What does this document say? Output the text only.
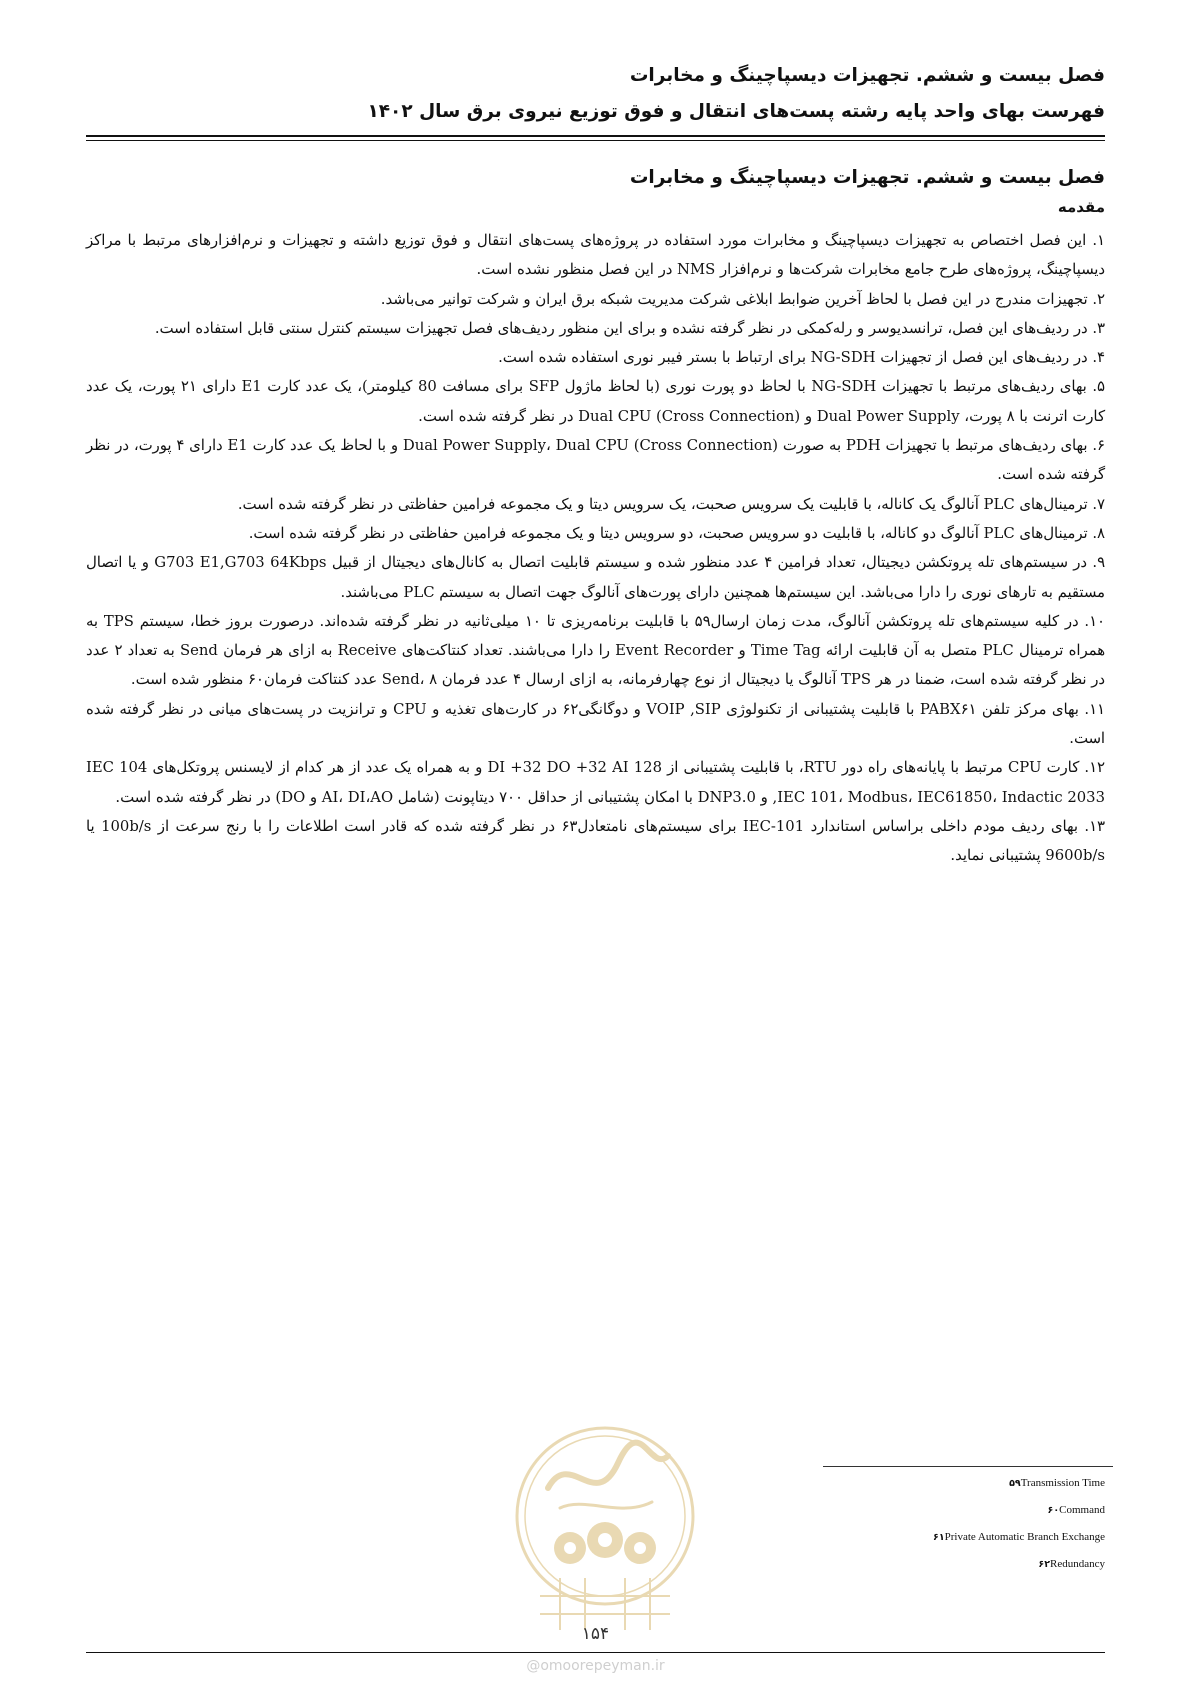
فصل بیست و ششم. تجهیزات دیسپاچینگ و مخابرات
فهرست بهای واحد پایه رشته پست‌های انتقال و فوق توزیع نیروی برق سال ۱۴۰۲
فصل بیست و ششم. تجهیزات دیسپاچینگ و مخابرات
مقدمه

۱. این فصل اختصاص به تجهیزات دیسپاچینگ و مخابرات مورد استفاده در پروژه‌های پست‌های انتقال و فوق توزیع داشته و تجهیزات و نرم‌افزارهای مرتبط با مراکز دیسپاچینگ، پروژه‌های طرح جامع مخابرات شرکت‌ها و نرم‌افزار NMS در این فصل منظور نشده است.

۲. تجهیزات مندرج در این فصل با لحاظ آخرین ضوابط ابلاغی شرکت مدیریت شبکه برق ایران و شرکت توانیر می‌باشد.

۳. در ردیف‌های این فصل، ترانسدیوسر و رله‌کمکی در نظر گرفته نشده و برای این منظور ردیف‌های فصل تجهیزات سیستم کنترل سنتی قابل استفاده است.

۴. در ردیف‌های این فصل از تجهیزات NG-SDH برای ارتباط با بستر فیبر نوری استفاده شده است.

۵. بهای ردیف‌های مرتبط با تجهیزات NG-SDH با لحاظ دو پورت نوری (با لحاظ ماژول SFP برای مسافت 80 کیلومتر)، یک عدد کارت E1 دارای ۲۱ پورت، یک عدد کارت اترنت با ۸ پورت، Dual Power Supply و Dual CPU (Cross Connection) در نظر گرفته شده است.

۶. بهای ردیف‌های مرتبط با تجهیزات PDH به صورت Dual Power Supply، Dual CPU (Cross Connection) و با لحاظ یک عدد کارت E1 دارای ۴ پورت، در نظر گرفته شده است.

۷. ترمینال‌های PLC آنالوگ یک کاناله، با قابلیت یک سرویس صحبت، یک سرویس دیتا و یک مجموعه فرامین حفاظتی در نظر گرفته شده است.

۸. ترمینال‌های PLC آنالوگ دو کاناله، با قابلیت دو سرویس صحبت، دو سرویس دیتا و یک مجموعه فرامین حفاظتی در نظر گرفته شده است.

۹. در سیستم‌های تله پروتکشن دیجیتال، تعداد فرامین ۴ عدد منظور شده و سیستم قابلیت اتصال به کانال‌های دیجیتال از قبیل G703 E1,G703 64Kbps و یا اتصال مستقیم به تارهای نوری را دارا می‌باشد. این سیستم‌ها همچنین دارای پورت‌های آنالوگ جهت اتصال به سیستم PLC می‌باشند.

۱۰. در کلیه سیستم‌های تله پروتکشن آنالوگ، مدت زمان ارسال۵۹ با قابلیت برنامه‌ریزی تا ۱۰ میلی‌ثانیه در نظر گرفته شده‌اند. درصورت بروز خطا، سیستم TPS به همراه ترمینال PLC متصل به آن قابلیت ارائه Time Tag و Event Recorder را دارا می‌باشند. تعداد کنتاکت‌های Receive به ازای هر فرمان Send به تعداد ۲ عدد در نظر گرفته شده است، ضمنا در هر TPS آنالوگ یا دیجیتال از نوع چهارفرمانه، به ازای ارسال ۴ عدد فرمان Send، ۸ عدد کنتاکت فرمان۶۰ منظور شده است.

۱۱. بهای مرکز تلفن PABX۶۱ با قابلیت پشتیبانی از تکنولوژی VOIP ,SIP و دوگانگی۶۲ در کارت‌های تغذیه و CPU و ترانزیت در پست‌های میانی در نظر گرفته شده است.

۱۲. کارت CPU مرتبط با پایانه‌های راه دور RTU، با قابلیت پشتیبانی از 128 DI +32 DO +32 AI و به همراه یک عدد از هر کدام از لایسنس پروتکل‌های IEC 104 ,IEC 101، Modbus، IEC61850، Indactic 2033 و DNP3.0 با امکان پشتیبانی از حداقل ۷۰۰ دیتاپونت (شامل AI، DI،AO و DO) در نظر گرفته شده است.

۱۳. بهای ردیف مودم داخلی براساس استاندارد IEC-101 برای سیستم‌های نامتعادل۶۳ در نظر گرفته شده که قادر است اطلاعات را با رنج سرعت از 100b/s یا 9600b/s پشتیبانی نماید.

۵۹Transmission Time
۶۰Command
۶۱Private Automatic Branch Exchange
۶۲Redundancy
۱۵۴
@omoorepeyman.ir
